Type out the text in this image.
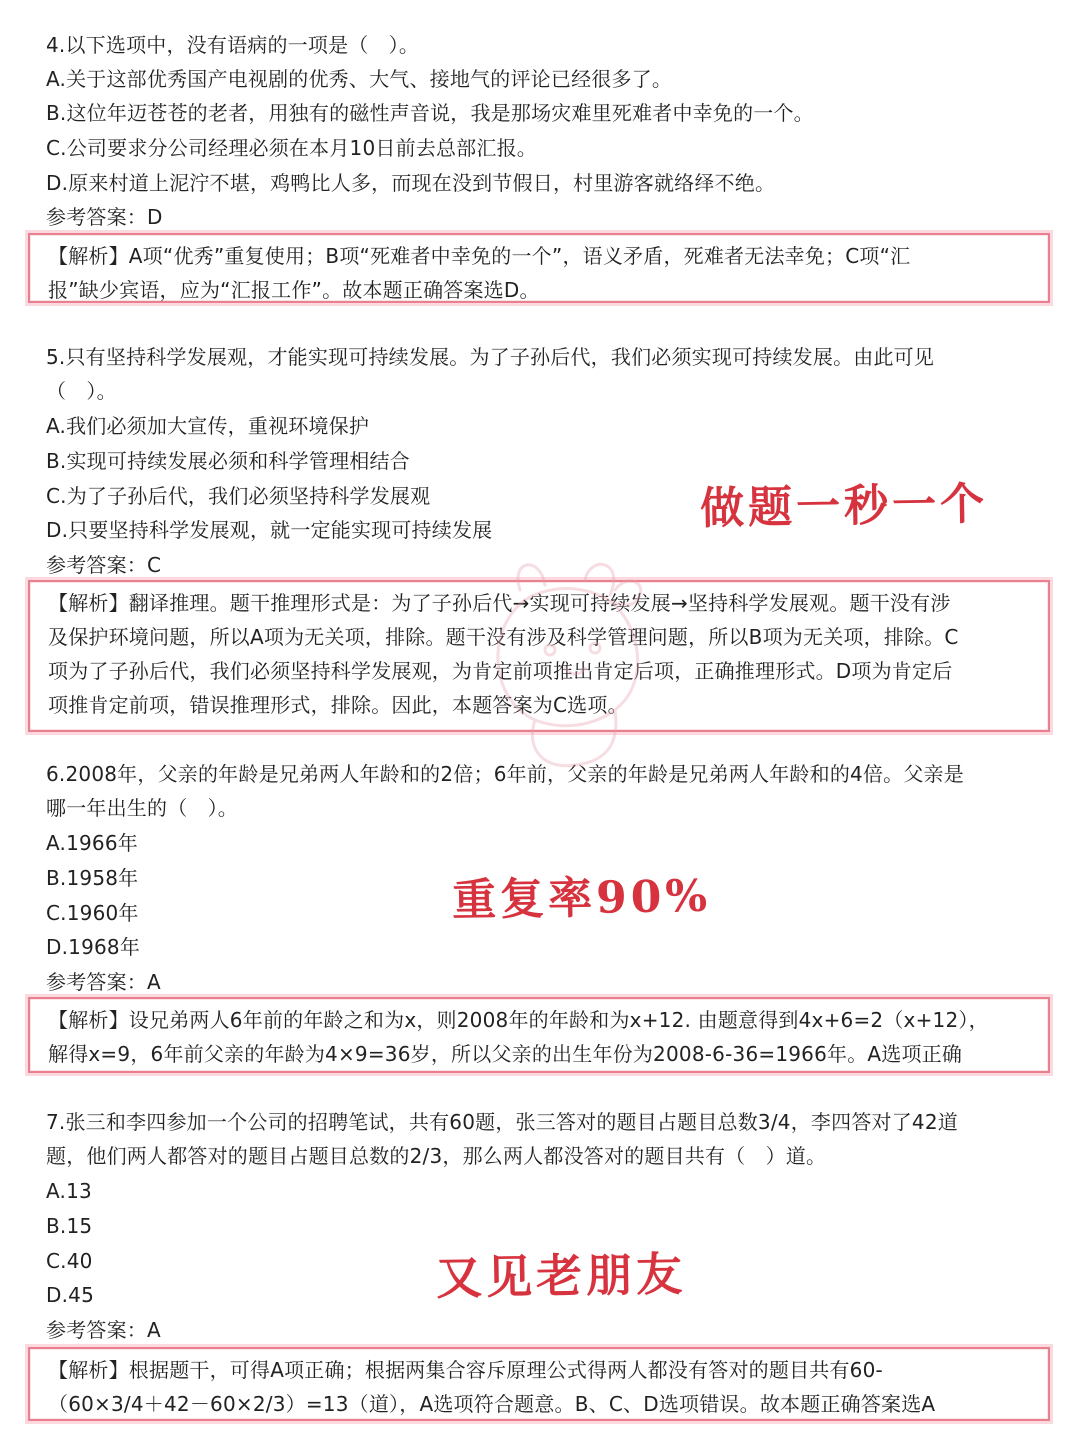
4.以下选项中，没有语病的一项是（　）。
A.关于这部优秀国产电视剧的优秀、大气、接地气的评论已经很多了。
B.这位年迈苍苍的老者，用独有的磁性声音说，我是那场灾难里死难者中幸免的一个。
C.公司要求分公司经理必须在本月10日前去总部汇报。
D.原来村道上泥泞不堪，鸡鸭比人多，而现在没到节假日，村里游客就络绎不绝。
参考答案：D
【解析】A项“优秀”重复使用；B项“死难者中幸免的一个”，语义矛盾，死难者无法幸免；C项“汇
报”缺少宾语，应为“汇报工作”。故本题正确答案选D。
5.只有坚持科学发展观，才能实现可持续发展。为了子孙后代，我们必须实现可持续发展。由此可见
（　）。
A.我们必须加大宣传，重视环境保护
B.实现可持续发展必须和科学管理相结合
C.为了子孙后代，我们必须坚持科学发展观
D.只要坚持科学发展观，就一定能实现可持续发展
参考答案：C
【解析】翻译推理。题干推理形式是：为了子孙后代→实现可持续发展→坚持科学发展观。题干没有涉
及保护环境问题，所以A项为无关项，排除。题干没有涉及科学管理问题，所以B项为无关项，排除。C
项为了子孙后代，我们必须坚持科学发展观，为肯定前项推出肯定后项，正确推理形式。D项为肯定后
项推肯定前项，错误推理形式，排除。因此，本题答案为C选项。
6.2008年，父亲的年龄是兄弟两人年龄和的2倍；6年前，父亲的年龄是兄弟两人年龄和的4倍。父亲是
哪一年出生的（　）。
A.1966年
B.1958年
C.1960年
D.1968年
参考答案：A
【解析】设兄弟两人6年前的年龄之和为x，则2008年的年龄和为x+12. 由题意得到4x+6=2（x+12），
解得x=9，6年前父亲的年龄为4×9=36岁，所以父亲的出生年份为2008-6-36=1966年。A选项正确
7.张三和李四参加一个公司的招聘笔试，共有60题，张三答对的题目占题目总数3/4，李四答对了42道
题，他们两人都答对的题目占题目总数的2/3，那么两人都没答对的题目共有（　）道。
A.13
B.15
C.40
D.45
参考答案：A
【解析】根据题干，可得A项正确；根据两集合容斥原理公式得两人都没有答对的题目共有60-
（60×3/4＋42－60×2/3）=13（道），A选项符合题意。B、C、D选项错误。故本题正确答案选A
做题一秒一个
重复率90%
又见老朋友
